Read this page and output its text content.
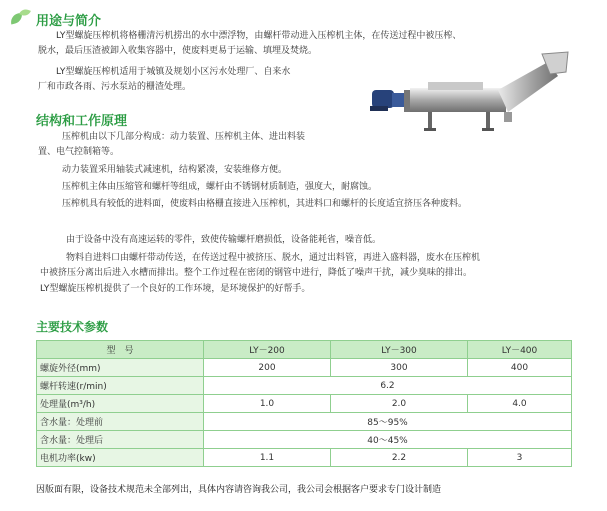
用途与简介
LY型螺旋压榨机将格栅清污机捞出的水中漂浮物，由螺杆带动进入压榨机主体，在传送过程中被压榨、
脱水，最后压渣被卸入收集容器中，使废料更易于运输、填埋及焚烧。
LY型螺旋压榨机适用于城镇及规划小区污水处理厂、自来水
厂和市政各雨、污水泵站的栅渣处理。
结构和工作原理
压榨机由以下几部分构成：动力装置、压榨机主体、进出料装
置、电气控制箱等。
动力装置采用轴装式减速机，结构紧凑，安装维修方便。
压榨机主体由压缩管和螺杆等组成，螺杆由不锈钢材质制造，强度大，耐腐蚀。
压榨机具有较低的进料面，使废料由格栅直接进入压榨机，其进料口和螺杆的长度适宜挤压各种废料。
由于设备中没有高速运转的零件，致使传输螺杆磨损低，设备能耗省，噪音低。
物料自进料口由螺杆带动传送，在传送过程中被挤压、脱水，通过出料管，再进入盛料器，废水在压榨机
中被挤压分离出后进入水槽而排出。整个工作过程在密闭的钢管中进行，降低了噪声干扰，减少臭味的排出。
LY型螺旋压榨机提供了一个良好的工作环境，是环境保护的好帮手。
主要技术参数
型　号	LY－200	LY－300	LY－400
螺旋外径(mm)	200	300	400
螺杆转速(r/min)	6.2		
处理量(m³/h)	1.0	2.0	4.0
含水量：处理前	85～95%		
含水量：处理后	40～45%		
电机功率(kw)	1.1	2.2	3
因版面有限，设备技术规范未全部列出，具体内容请咨询我公司，我公司会根据客户要求专门设计制造
